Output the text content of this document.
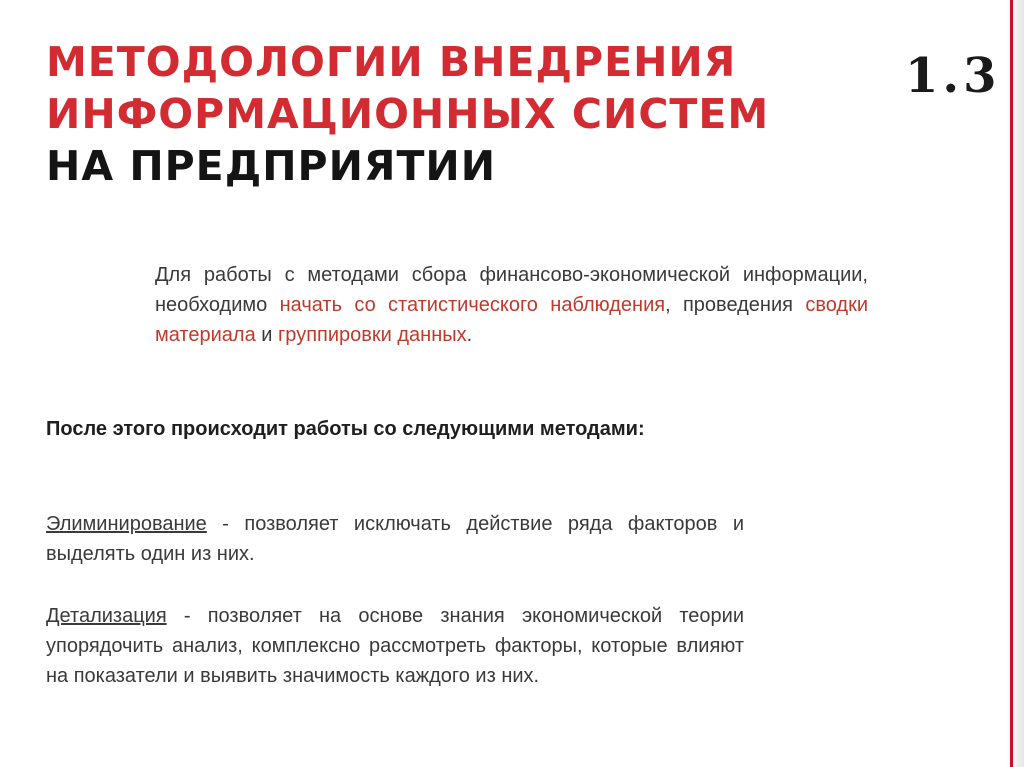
МЕТОДОЛОГИИ ВНЕДРЕНИЯ
ИНФОРМАЦИОННЫХ СИСТЕМ
НА ПРЕДПРИЯТИИ
1.3

Для работы с методами сбора финансово-экономической информации, необходимо начать со статистического наблюдения, проведения сводки материала и группировки данных.

После этого происходит работы со следующими методами:

Элиминирование - позволяет исключать действие ряда факторов и выделять один из них.

Детализация - позволяет на основе знания экономической теории упорядочить анализ, комплексно рассмотреть факторы, которые влияют на показатели и выявить значимость каждого из них.
